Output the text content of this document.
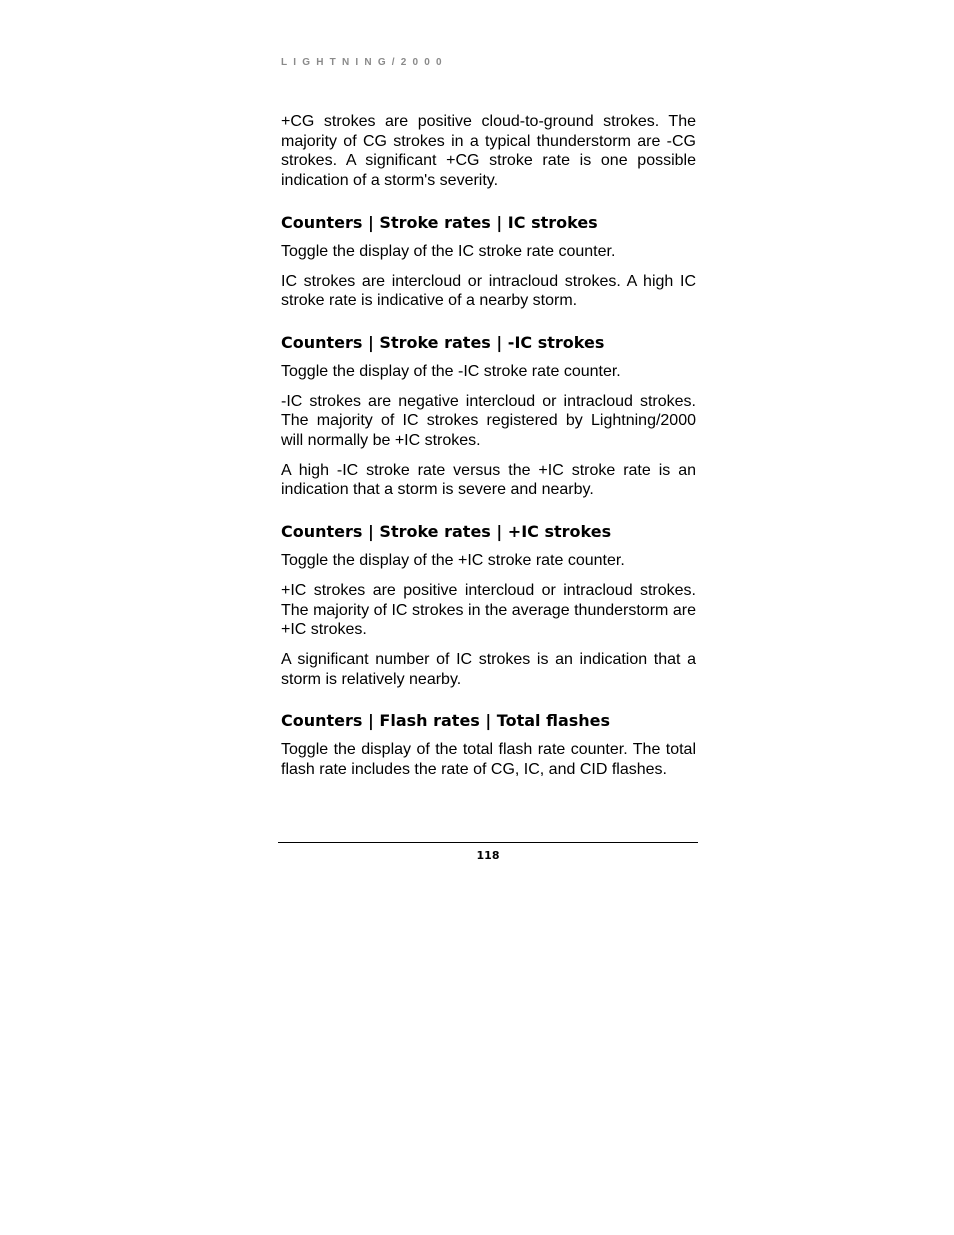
LIGHTNING/2000

+CG strokes are positive cloud-to-ground strokes. The majority of CG strokes in a typical thunderstorm are -CG strokes. A significant +CG stroke rate is one possible indication of a storm's severity.

Counters | Stroke rates | IC strokes

Toggle the display of the IC stroke rate counter.

IC strokes are intercloud or intracloud strokes. A high IC stroke rate is indicative of a nearby storm.

Counters | Stroke rates | -IC strokes

Toggle the display of the -IC stroke rate counter.

-IC strokes are negative intercloud or intracloud strokes. The majority of IC strokes registered by Lightning/2000 will normally be +IC strokes.

A high -IC stroke rate versus the +IC stroke rate is an indication that a storm is severe and nearby.

Counters | Stroke rates | +IC strokes

Toggle the display of the +IC stroke rate counter.

+IC strokes are positive intercloud or intracloud strokes. The majority of IC strokes in the average thunderstorm are +IC strokes.

A significant number of IC strokes is an indication that a storm is relatively nearby.

Counters | Flash rates | Total flashes

Toggle the display of the total flash rate counter. The total flash rate includes the rate of CG, IC, and CID flashes.

118
